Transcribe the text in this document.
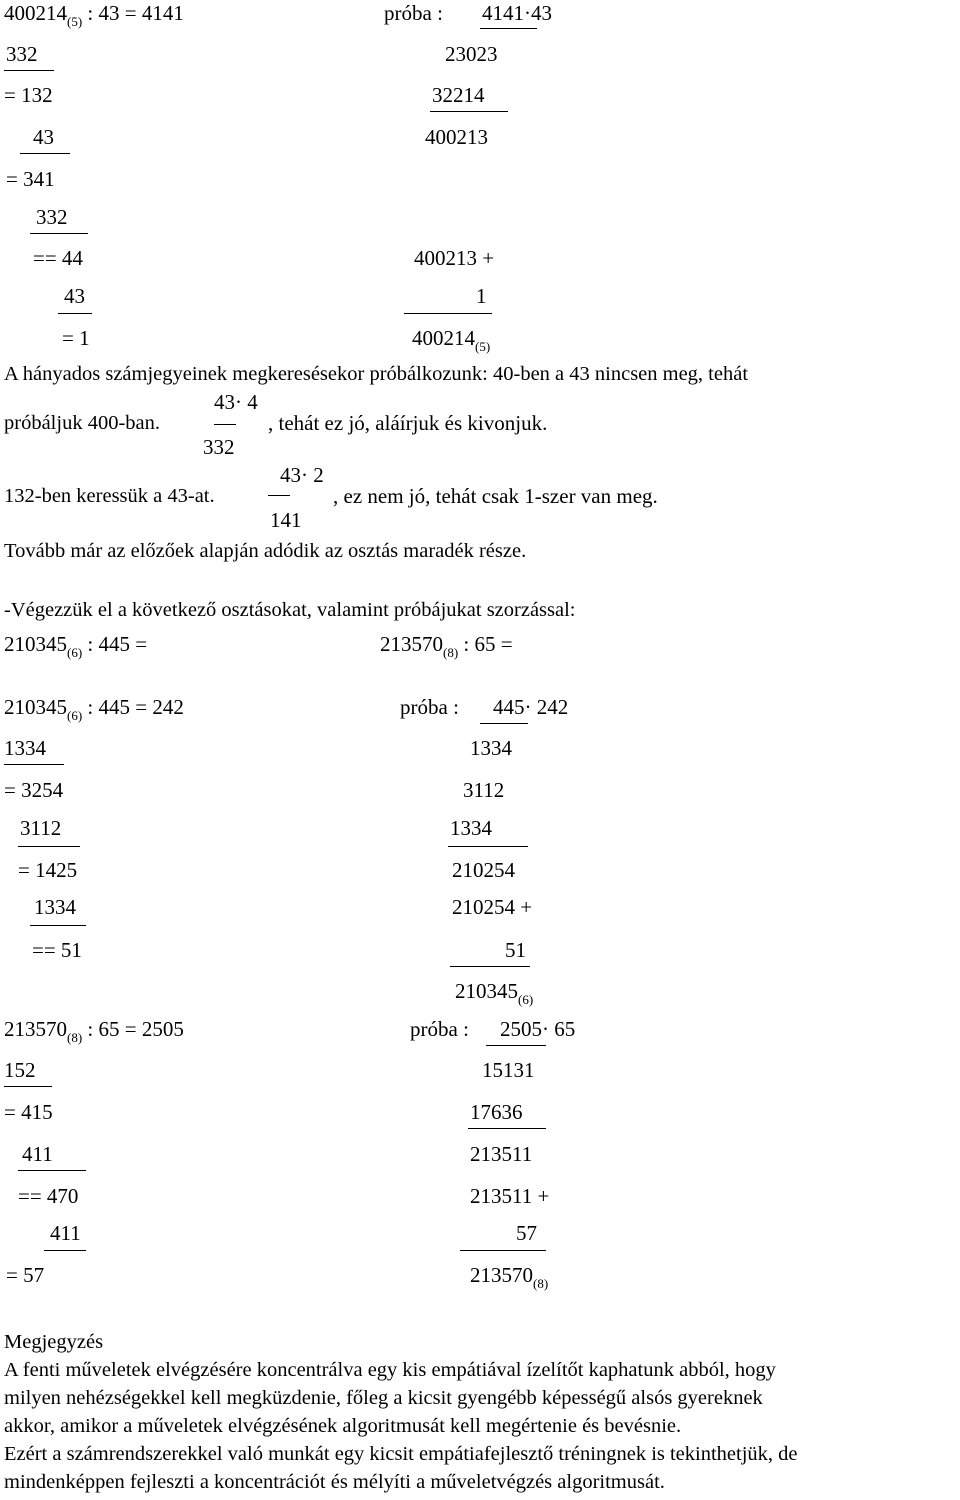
$400214_{(5)}$ : 43 = 4141	próba : 4141·43
332
= 132
43
= 341
332
== 44
43
= 1
23023
32214
400213
400213 +
1
$400214_{(5)}$
A hányados számjegyeinek megkeresésekor próbálkozunk: 40-ben a 43 nincsen meg, tehát
próbáljuk 400-ban.
43· 4
332
, tehát ez jó, aláírjuk és kivonjuk.
132-ben keressük a 43-at.
43· 2
141
, ez nem jó, tehát csak 1-szer van meg.
Tovább már az előzőek alapján adódik az osztás maradék része.
-Végezzük el a következő osztásokat, valamint próbájukat szorzással:
$210345_{(6)}$ : 445 =	$213570_{(8)}$ : 65 =
$210345_{(6)}$ : 445 = 242	próba : 445· 242
1334
= 3254
3112
= 1425
1334
== 51
1334
3112
1334
210254
210254 +
51
$210345_{(6)}$
$213570_{(8)}$ : 65 = 2505	próba : 2505· 65
152
= 415
411
== 470
411
= 57
15131
17636
213511
213511 +
57
$213570_{(8)}$
Megjegyzés
A fenti műveletek elvégzésére koncentrálva egy kis empátiával ízelítőt kaphatunk abból, hogy
milyen nehézségekkel kell megküzdenie, főleg a kicsit gyengébb képességű alsós gyereknek
akkor, amikor a műveletek elvégzésének algoritmusát kell megértenie és bevésnie.
Ezért a számrendszerekkel való munkát egy kicsit empátiafejlesztő tréningnek is tekinthetjük, de
mindenképpen fejleszti a koncentrációt és mélyíti a műveletvégzés algoritmusát.
